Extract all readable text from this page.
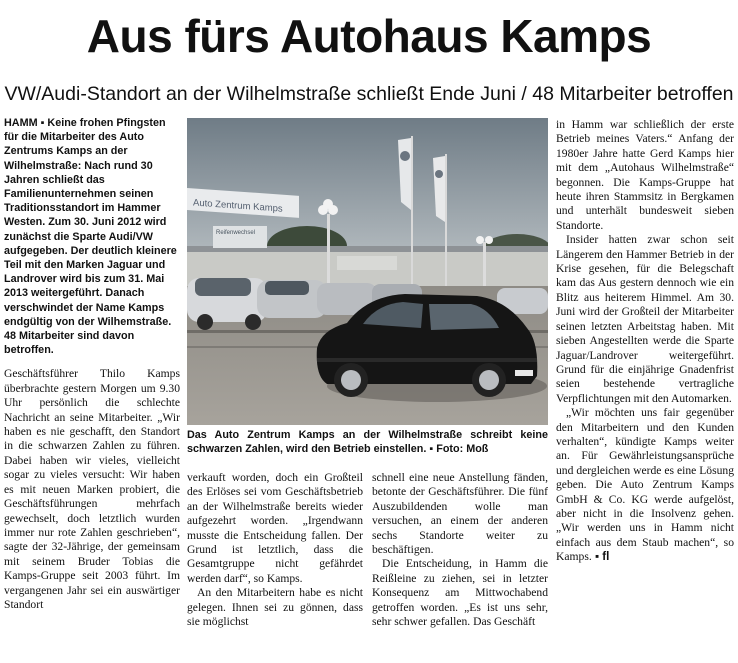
Aus fürs Autohaus Kamps
VW/Audi-Standort an der Wilhelmstraße schließt Ende Juni / 48 Mitarbeiter betroffen

HAMM ▪ Keine frohen Pfingsten für die Mitarbeiter des Auto Zentrums Kamps an der Wilhelmstraße: Nach rund 30 Jahren schließt das Familienunternehmen seinen Traditionsstandort im Hammer Westen. Zum 30. Juni 2012 wird zunächst die Sparte Audi/VW aufgegeben. Der deutlich kleinere Teil mit den Marken Jaguar und Landrover wird bis zum 31. Mai 2013 weitergeführt. Danach verschwindet der Name Kamps endgültig von der Wilhemstraße. 48 Mitarbeiter sind davon betroffen.

Geschäftsführer Thilo Kamps überbrachte gestern Morgen um 9.30 Uhr persönlich die schlechte Nachricht an seine Mitarbeiter. „Wir haben es nie geschafft, den Standort in die schwarzen Zahlen zu führen. Dabei haben wir vieles, vielleicht sogar zu vieles versucht: Wir haben es mit neuen Marken probiert, die Geschäftsführungen mehrfach gewechselt, doch letztlich wurden immer nur rote Zahlen geschrieben“, sagte der 32-Jährige, der gemeinsam mit seinem Bruder Tobias die Kamps-Gruppe seit 2003 führt. Im vergangenen Jahr sei ein auswärtiger Standort

Auto Zentrum Kamps
Reifenwechsel
Das Auto Zentrum Kamps an der Wilhelmstraße schreibt keine schwarzen Zahlen, wird den Betrieb einstellen. ▪ Foto: Moß

verkauft worden, doch ein Großteil des Erlöses sei vom Geschäftsbetrieb an der Wilhelmstraße bereits wieder aufgezehrt worden. „Irgendwann musste die Entscheidung fallen. Der Grund ist letztlich, dass die Gesamtgruppe nicht gefährdet werden darf“, so Kamps.

An den Mitarbeitern habe es nicht gelegen. Ihnen sei zu gönnen, dass sie möglichst

schnell eine neue Anstellung fänden, betonte der Geschäftsführer. Die fünf Auszubildenden wolle man versuchen, an einem der anderen sechs Standorte weiter zu beschäftigen.

Die Entscheidung, in Hamm die Reißleine zu ziehen, sei in letzter Konsequenz am Mittwochabend getroffen worden. „Es ist uns sehr, sehr schwer gefallen. Das Geschäft

in Hamm war schließlich der erste Betrieb meines Vaters.“ Anfang der 1980er Jahre hatte Gerd Kamps hier mit dem „Autohaus Wilhelmstraße“ begonnen. Die Kamps-Gruppe hat heute ihren Stammsitz in Bergkamen und unterhält bundesweit sieben Standorte.

Insider hatten zwar schon seit Längerem den Hammer Betrieb in der Krise gesehen, für die Belegschaft kam das Aus gestern dennoch wie ein Blitz aus heiterem Himmel. Am 30. Juni wird der Großteil der Mitarbeiter seinen letzten Arbeitstag haben. Mit sieben Angestellten werde die Sparte Jaguar/Landrover weitergeführt. Grund für die einjährige Gnadenfrist seien bestehende vertragliche Verpflichtungen mit den Automarken.

„Wir möchten uns fair gegenüber den Mitarbeitern und den Kunden verhalten“, kündigte Kamps weiter an. Für Gewährleistungsansprüche und dergleichen werde es eine Lösung geben. Die Auto Zentrum Kamps GmbH & Co. KG werde aufgelöst, aber nicht in die Insolvenz gehen. „Wir werden uns in Hamm nicht einfach aus dem Staub machen“, so Kamps. ▪ fl
